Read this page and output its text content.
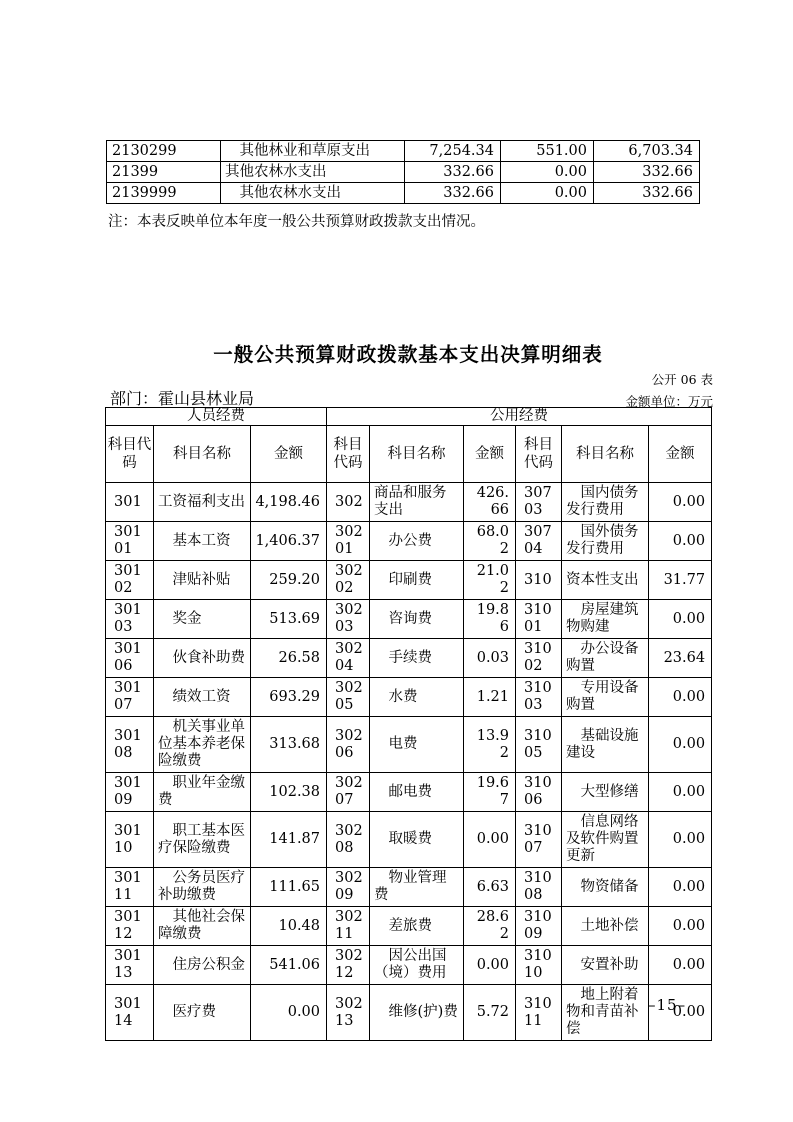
2130299	其他林业和草原支出	7,254.34	551.00	6,703.34
21399	其他农林水支出	332.66	0.00	332.66
2139999	其他农林水支出	332.66	0.00	332.66
注：本表反映单位本年度一般公共预算财政拨款支出情况。
一般公共预算财政拨款基本支出决算明细表
公开 06 表
部门：霍山县林业局	金额单位：万元
人员经费			公用经费					
科目代码	科目名称	金额	科目代码	科目名称	金额	科目代码	科目名称	金额
301	工资福利支出	4,198.46	302	商品和服务支出	426.66	30703	国内债务发行费用	0.00
30101	基本工资	1,406.37	30201	办公费	68.02	30704	国外债务发行费用	0.00
30102	津贴补贴	259.20	30202	印刷费	21.02	310	资本性支出	31.77
30103	奖金	513.69	30203	咨询费	19.86	31001	房屋建筑物购建	0.00
30106	伙食补助费	26.58	30204	手续费	0.03	31002	办公设备购置	23.64
30107	绩效工资	693.29	30205	水费	1.21	31003	专用设备购置	0.00
30108	机关事业单位基本养老保险缴费	313.68	30206	电费	13.92	31005	基础设施建设	0.00
30109	职业年金缴费	102.38	30207	邮电费	19.67	31006	大型修缮	0.00
30110	职工基本医疗保险缴费	141.87	30208	取暖费	0.00	31007	信息网络及软件购置更新	0.00
30111	公务员医疗补助缴费	111.65	30209	物业管理费	6.63	31008	物资储备	0.00
30112	其他社会保障缴费	10.48	30211	差旅费	28.62	31009	土地补偿	0.00
30113	住房公积金	541.06	30212	因公出国（境）费用	0.00	31010	安置补助	0.00
30114	医疗费	0.00	30213	维修(护)费	5.72	31011	地上附着物和青苗补偿	0.00
–15–
